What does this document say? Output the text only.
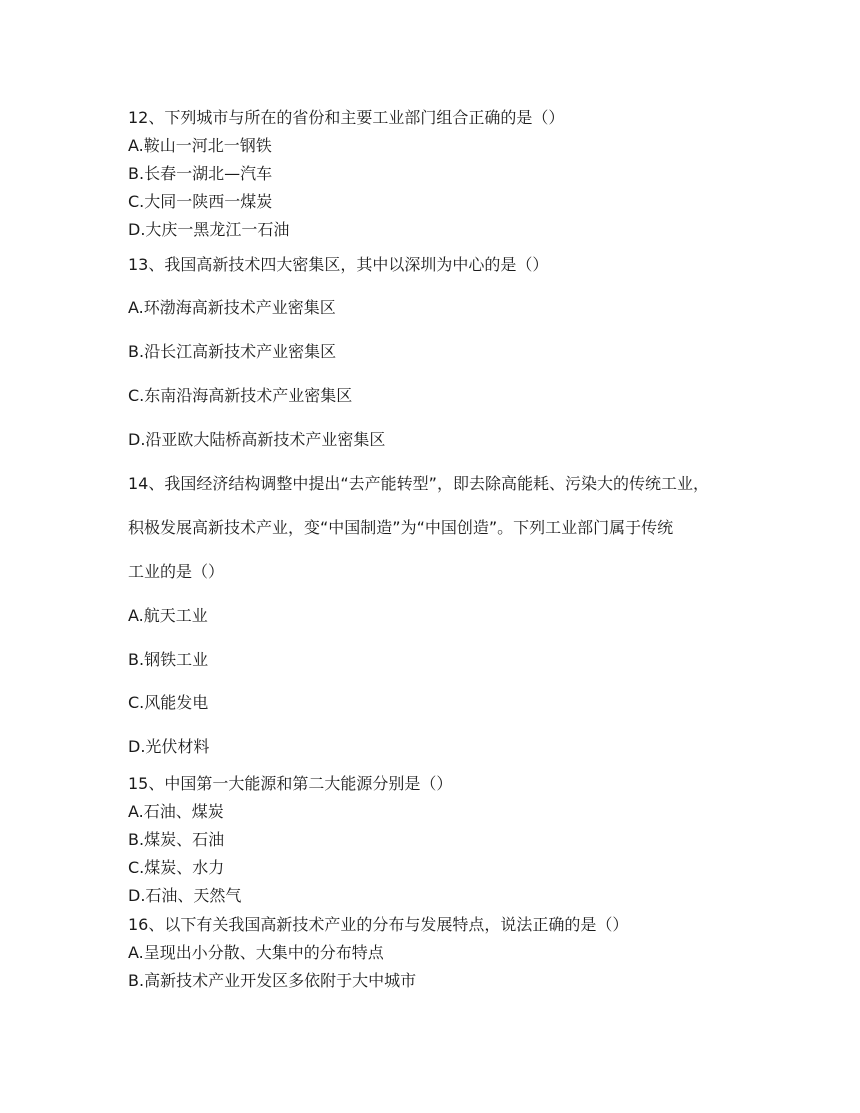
12、下列城市与所在的省份和主要工业部门组合正确的是（）
A.鞍山一河北一钢铁
B.长春一湖北—汽车
C.大同一陕西一煤炭
D.大庆一黑龙江一石油
13、我国高新技术四大密集区，其中以深圳为中心的是（）
A.环渤海高新技术产业密集区
B.沿长江高新技术产业密集区
C.东南沿海高新技术产业密集区
D.沿亚欧大陆桥高新技术产业密集区
14、我国经济结构调整中提出“去产能转型”，即去除高能耗、污染大的传统工业，
积极发展高新技术产业，变“中国制造”为“中国创造”。下列工业部门属于传统
工业的是（）
A.航天工业
B.钢铁工业
C.风能发电
D.光伏材料
15、中国第一大能源和第二大能源分别是（）
A.石油、煤炭
B.煤炭、石油
C.煤炭、水力
D.石油、天然气
16、以下有关我国高新技术产业的分布与发展特点，说法正确的是（）
A.呈现出小分散、大集中的分布特点
B.高新技术产业开发区多依附于大中城市
